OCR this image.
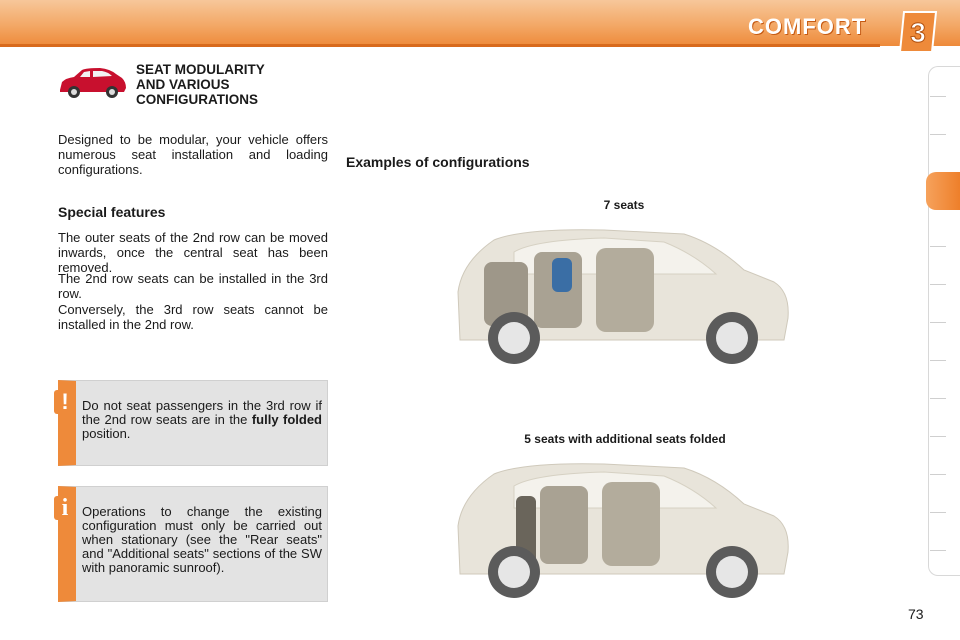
COMFORT 3
SEAT MODULARITY
AND VARIOUS
CONFIGURATIONS
Designed to be modular, your vehicle offers numerous seat installation and loading configurations.
Special features
The outer seats of the 2nd row can be moved inwards, once the central seat has been removed.
The 2nd row seats can be installed in the 3rd row.
Conversely, the 3rd row seats cannot be installed in the 2nd row.
Do not seat passengers in the 3rd row if the 2nd row seats are in the fully folded position.
!
Operations to change the existing configuration must only be carried out when stationary (see the "Rear seats" and "Additional seats" sections of the SW with panoramic sunroof).
i
Examples of configurations
7 seats
5 seats with additional seats folded
73
